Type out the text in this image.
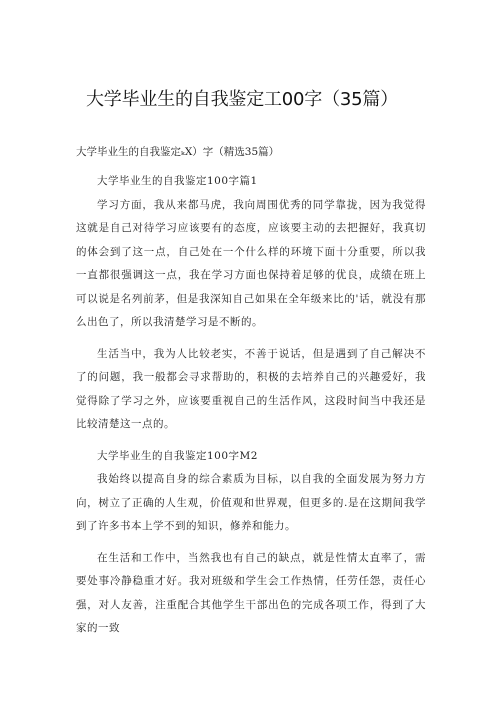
大学毕业生的自我鉴定工00字（35篇）
大学毕业生的自我鉴定ₖX）字（精选35篇）

大学毕业生的自我鉴定100字篇1

学习方面，我从来都马虎，我向周围优秀的同学靠拢，因为我觉得这就是自己对待学习应该要有的态度，应该要主动的去把握好，我真切的体会到了这一点，自己处在一个什么样的环境下面十分重要，所以我一直都很强调这一点，我在学习方面也保持着足够的优良，成绩在班上可以说是名列前茅，但是我深知自己如果在全年级来比的'话，就没有那么出色了，所以我清楚学习是不断的。

生活当中，我为人比较老实，不善于说话，但是遇到了自己解决不了的问题，我一般都会寻求帮助的，积极的去培养自己的兴趣爱好，我觉得除了学习之外，应该要重视自己的生活作风，这段时间当中我还是比较清楚这一点的。

大学毕业生的自我鉴定100字M2

我始终以提高自身的综合素质为目标，以自我的全面发展为努力方向，树立了正确的人生观，价值观和世界观，但更多的.是在这期间我学到了许多书本上学不到的知识，修养和能力。

在生活和工作中，当然我也有自己的缺点，就是性情太直率了，需要处事冷静稳重才好。我对班级和学生会工作热情，任劳任怨，责任心强，对人友善，注重配合其他学生干部出色的完成各项工作，得到了大家的一致
